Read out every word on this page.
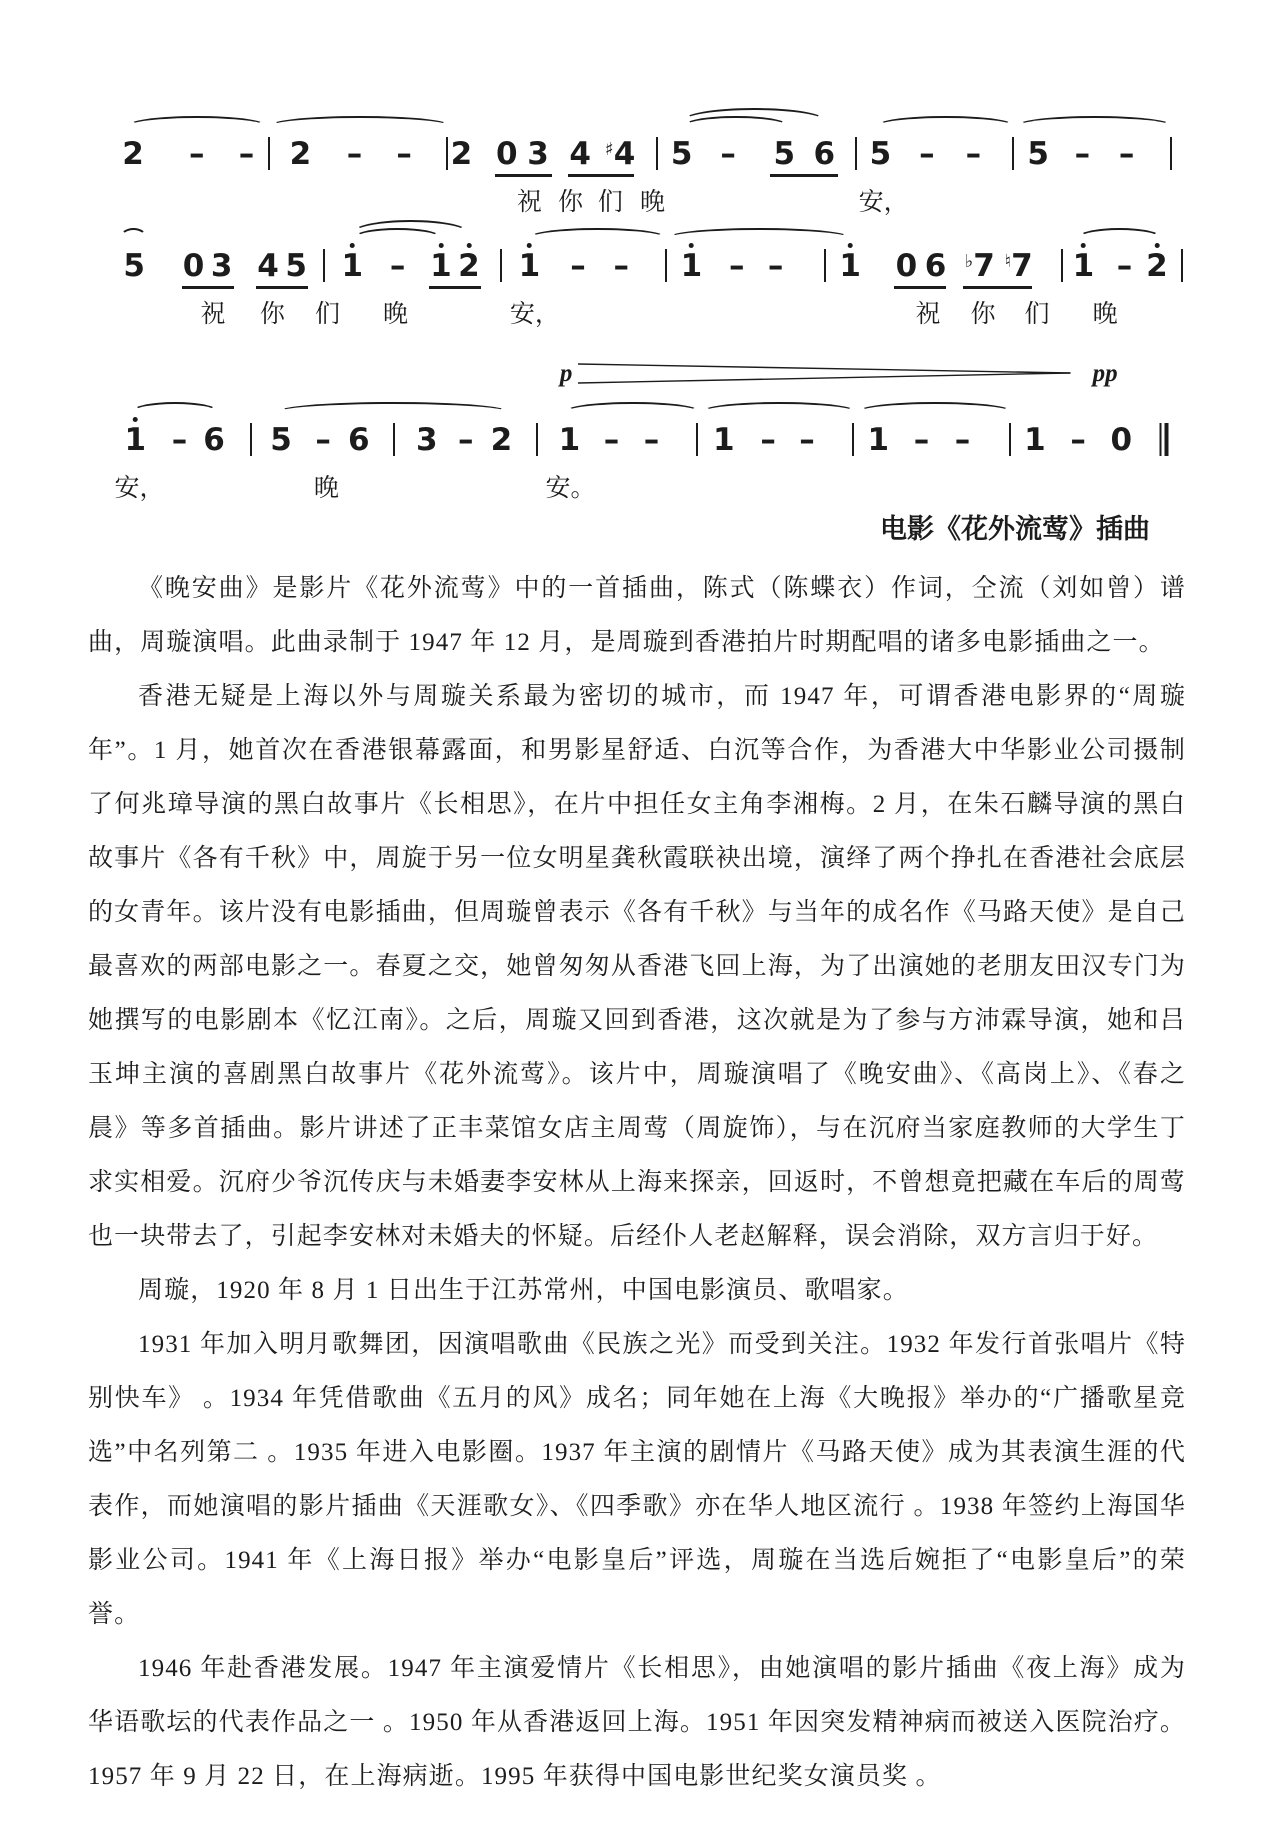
2 – – 2 – – 2 0 3 4 ♯4 5 – 5 6 5 – – 5 – –
祝 你 们 晚	安，
5 0 3 4 5 1 – 1 2 1 – – 1 – – 1 0 6 ♭7 ♮7 1 – 2
祝 你 们 晚	安，	祝 你 们 晚
p	pp
1 – 6 5 – 6 3 – 2 1 – – 1 – – 1 – – 1 – 0
安，	晚	安。
电影《花外流莺》插曲

《晚安曲》是影片《花外流莺》中的一首插曲，陈式（陈蝶衣）作词，仝流（刘如曾）谱曲，周璇演唱。此曲录制于 1947 年 12 月，是周璇到香港拍片时期配唱的诸多电影插曲之一。

香港无疑是上海以外与周璇关系最为密切的城市，而 1947 年，可谓香港电影界的“周璇年”。1 月，她首次在香港银幕露面，和男影星舒适、白沉等合作，为香港大中华影业公司摄制了何兆璋导演的黑白故事片《长相思》，在片中担任女主角李湘梅。2 月，在朱石麟导演的黑白故事片《各有千秋》中，周旋于另一位女明星龚秋霞联袂出境，演绎了两个挣扎在香港社会底层的女青年。该片没有电影插曲，但周璇曾表示《各有千秋》与当年的成名作《马路天使》是自己最喜欢的两部电影之一。春夏之交，她曾匆匆从香港飞回上海，为了出演她的老朋友田汉专门为她撰写的电影剧本《忆江南》。之后，周璇又回到香港，这次就是为了参与方沛霖导演，她和吕玉坤主演的喜剧黑白故事片《花外流莺》。该片中，周璇演唱了《晚安曲》、《高岗上》、《春之晨》等多首插曲。影片讲述了正丰菜馆女店主周莺（周旋饰），与在沉府当家庭教师的大学生丁求实相爱。沉府少爷沉传庆与未婚妻李安林从上海来探亲，回返时，不曾想竟把藏在车后的周莺也一块带去了，引起李安林对未婚夫的怀疑。后经仆人老赵解释，误会消除，双方言归于好。

周璇，1920 年 8 月 1 日出生于江苏常州，中国电影演员、歌唱家。

1931 年加入明月歌舞团，因演唱歌曲《民族之光》而受到关注。1932 年发行首张唱片《特别快车》 。1934 年凭借歌曲《五月的风》成名；同年她在上海《大晚报》举办的“广播歌星竞选”中名列第二 。1935 年进入电影圈。1937 年主演的剧情片《马路天使》成为其表演生涯的代表作，而她演唱的影片插曲《天涯歌女》、《四季歌》亦在华人地区流行 。1938 年签约上海国华影业公司。1941 年《上海日报》举办“电影皇后”评选，周璇在当选后婉拒了“电影皇后”的荣誉。

1946 年赴香港发展。1947 年主演爱情片《长相思》，由她演唱的影片插曲《夜上海》成为华语歌坛的代表作品之一 。1950 年从香港返回上海。1951 年因突发精神病而被送入医院治疗。1957 年 9 月 22 日，在上海病逝。1995 年获得中国电影世纪奖女演员奖 。
